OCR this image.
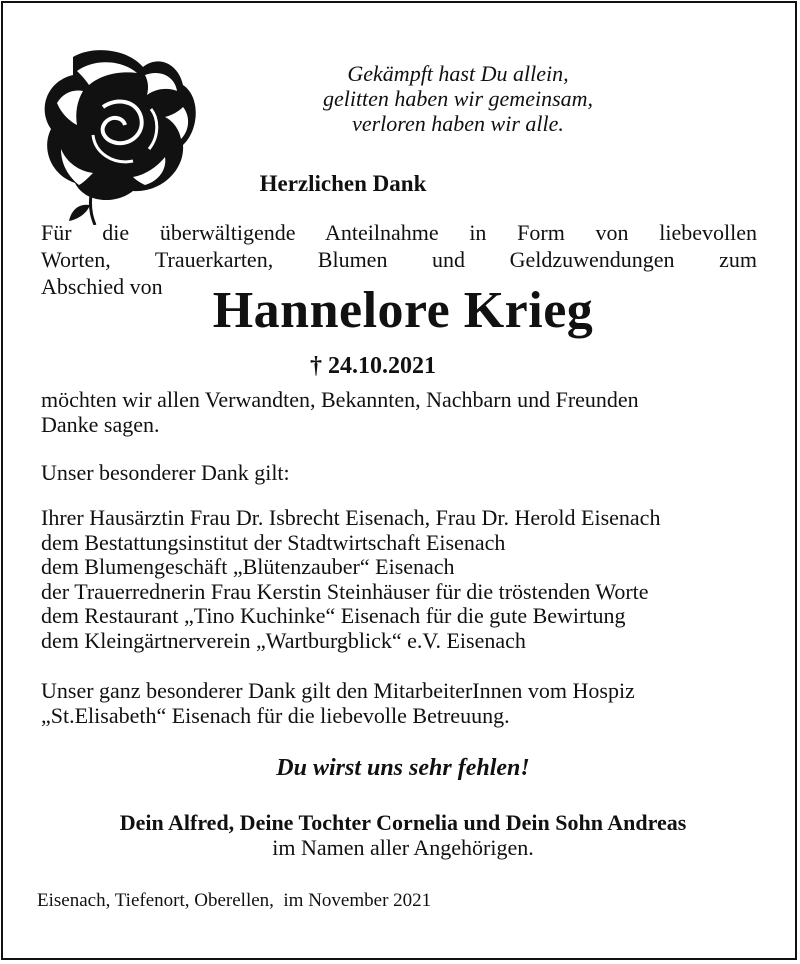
Gekämpft hast Du allein,
gelitten haben wir gemeinsam,
verloren haben wir alle.
Herzlichen Dank
Für die überwältigende Anteilnahme in Form von liebevollen
Worten, Trauerkarten, Blumen und Geldzuwendungen zum
Abschied von Hannelore Krieg
† 24.10.2021
möchten wir allen Verwandten, Bekannten, Nachbarn und Freunden
Danke sagen.
Unser besonderer Dank gilt:
Ihrer Hausärztin Frau Dr. Isbrecht Eisenach, Frau Dr. Herold Eisenach
dem Bestattungsinstitut der Stadtwirtschaft Eisenach
dem Blumengeschäft „Blütenzauber“ Eisenach
der Trauerrednerin Frau Kerstin Steinhäuser für die tröstenden Worte
dem Restaurant „Tino Kuchinke“ Eisenach für die gute Bewirtung
dem Kleingärtnerverein „Wartburgblick“ e.V. Eisenach
Unser ganz besonderer Dank gilt den MitarbeiterInnen vom Hospiz
„St.Elisabeth“ Eisenach für die liebevolle Betreuung.
Du wirst uns sehr fehlen!
Dein Alfred, Deine Tochter Cornelia und Dein Sohn Andreas
im Namen aller Angehörigen.
Eisenach, Tiefenort, Oberellen,  im November 2021
